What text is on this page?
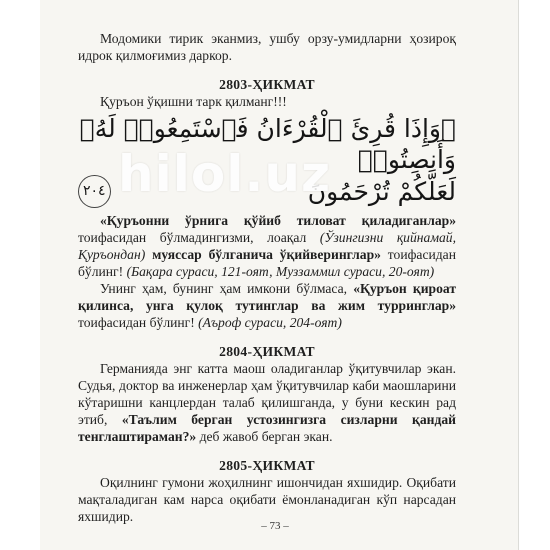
Модомики тирик эканмиз, ушбу орзу-умидларни ҳозироқ идрок қилмоғимиз даркор.

2803-ҲИКМАТ

Қуръон ўқишни тарк қилманг!!!

﴿وَإِذَا قُرِئَ ٱلْقُرْءَانُ فَٱسْتَمِعُوا۟ لَهُۥ وَأَنصِتُوا۟
لَعَلَّكُمْ تُرْحَمُونَ
٢٠٤

«Қуръонни ўрнига қўйиб тиловат қиладиганлар» тоифасидан бўлмадингизми, лоақал (Ўзингизни қийнамай, Қуръондан) муяссар бўлганича ўқийверинглар» тоифасидан бўлинг! (Бақара сураси, 121-оят, Муззаммил сураси, 20-оят)

Унинг ҳам, бунинг ҳам имкони бўлмаса, «Қуръон қироат қилинса, унга қулоқ тутинглар ва жим турринглар» тоифасидан бўлинг! (Аъроф сураси, 204-оят)

2804-ҲИКМАТ

Германияда энг катта маош оладиганлар ўқитувчилар экан. Судья, доктор ва инженерлар ҳам ўқитувчилар каби маошларини кўтаришни канцлердан талаб қилишганда, у буни кескин рад этиб, «Таълим берган устозингизга сизларни қандай тенглаштираман?» деб жавоб берган экан.

2805-ҲИКМАТ

Оқилнинг гумони жоҳилнинг ишончидан яхшидир. Оқибати мақталадиган кам нарса оқибати ёмонланадиган кўп нарсадан яхшидир.

hilol.uz
– 73 –
